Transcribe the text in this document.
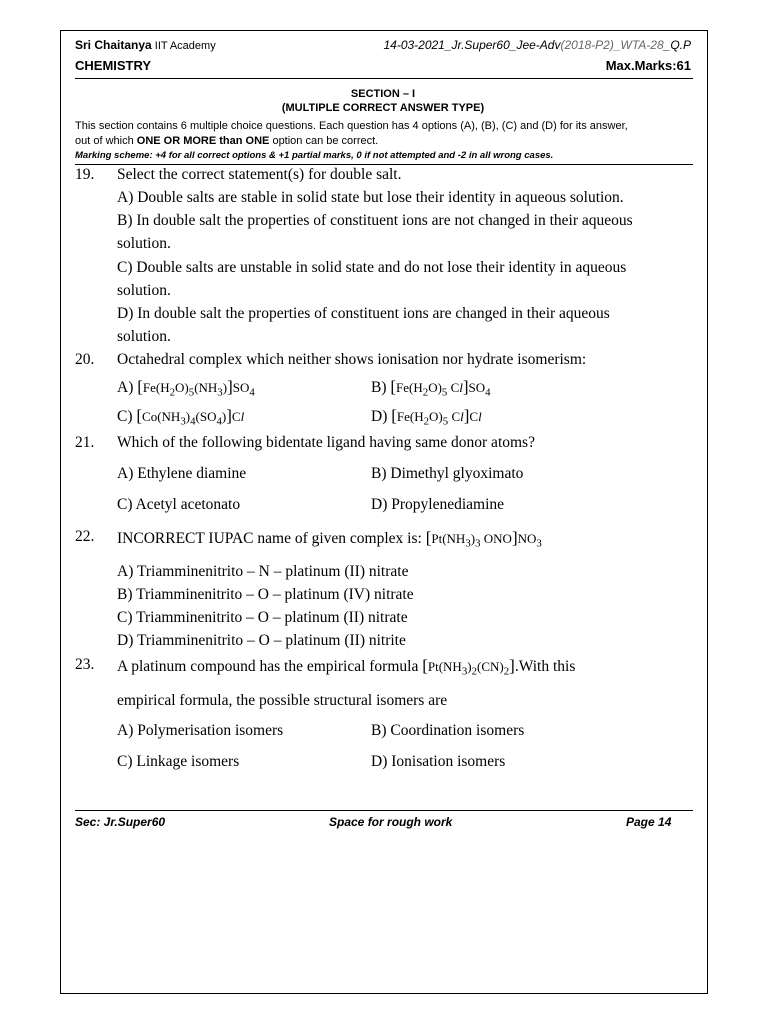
Sri Chaitanya IIT Academy	14-03-2021_Jr.Super60_Jee-Adv(2018-P2)_WTA-28_Q.P
CHEMISTRY	Max.Marks:61
SECTION – I
(MULTIPLE CORRECT ANSWER TYPE)
This section contains 6 multiple choice questions. Each question has 4 options (A), (B), (C) and (D) for its answer,
out of which ONE OR MORE than ONE option can be correct.
Marking scheme: +4 for all correct options & +1 partial marks, 0 if not attempted and -2 in all wrong cases.
19. Select the correct statement(s) for double salt.
A) Double salts are stable in solid state but lose their identity in aqueous solution.
B) In double salt the properties of constituent ions are not changed in their aqueous
solution.
C) Double salts are unstable in solid state and do not lose their identity in aqueous
solution.
D) In double salt the properties of constituent ions are changed in their aqueous
solution.
20. Octahedral complex which neither shows ionisation nor hydrate isomerism:
A) $[Fe(H_2O)_5(NH_3)]SO_4$	B) [$Fe(H_2O)_5$ $Cl]SO_4$
C) $[Co(NH_3)_4(SO_4)]Cl$	D) [$Fe(H_2O)_5$ Cl]Cl
21. Which of the following bidentate ligand having same donor atoms?
A) Ethylene diamine	B) Dimethyl glyoximato
C) Acetyl acetonato	D) Propylenediamine
22. INCORRECT IUPAC name of given complex is: [$Pt(NH_3)_3$ $ONO]NO_3$
A) Triamminenitrito – N – platinum (II) nitrate
B) Triamminenitrito – O – platinum (IV) nitrate
C) Triamminenitrito – O – platinum (II) nitrate
D) Triamminenitrito – O – platinum (II) nitrite
23. A platinum compound has the empirical formula $[Pt(NH_3)_2(CN)_2].With$ this
empirical formula, the possible structural isomers are
A) Polymerisation isomers	B) Coordination isomers
C) Linkage isomers	D) Ionisation isomers
Sec: Jr.Super60	Space for rough work	Page 14
